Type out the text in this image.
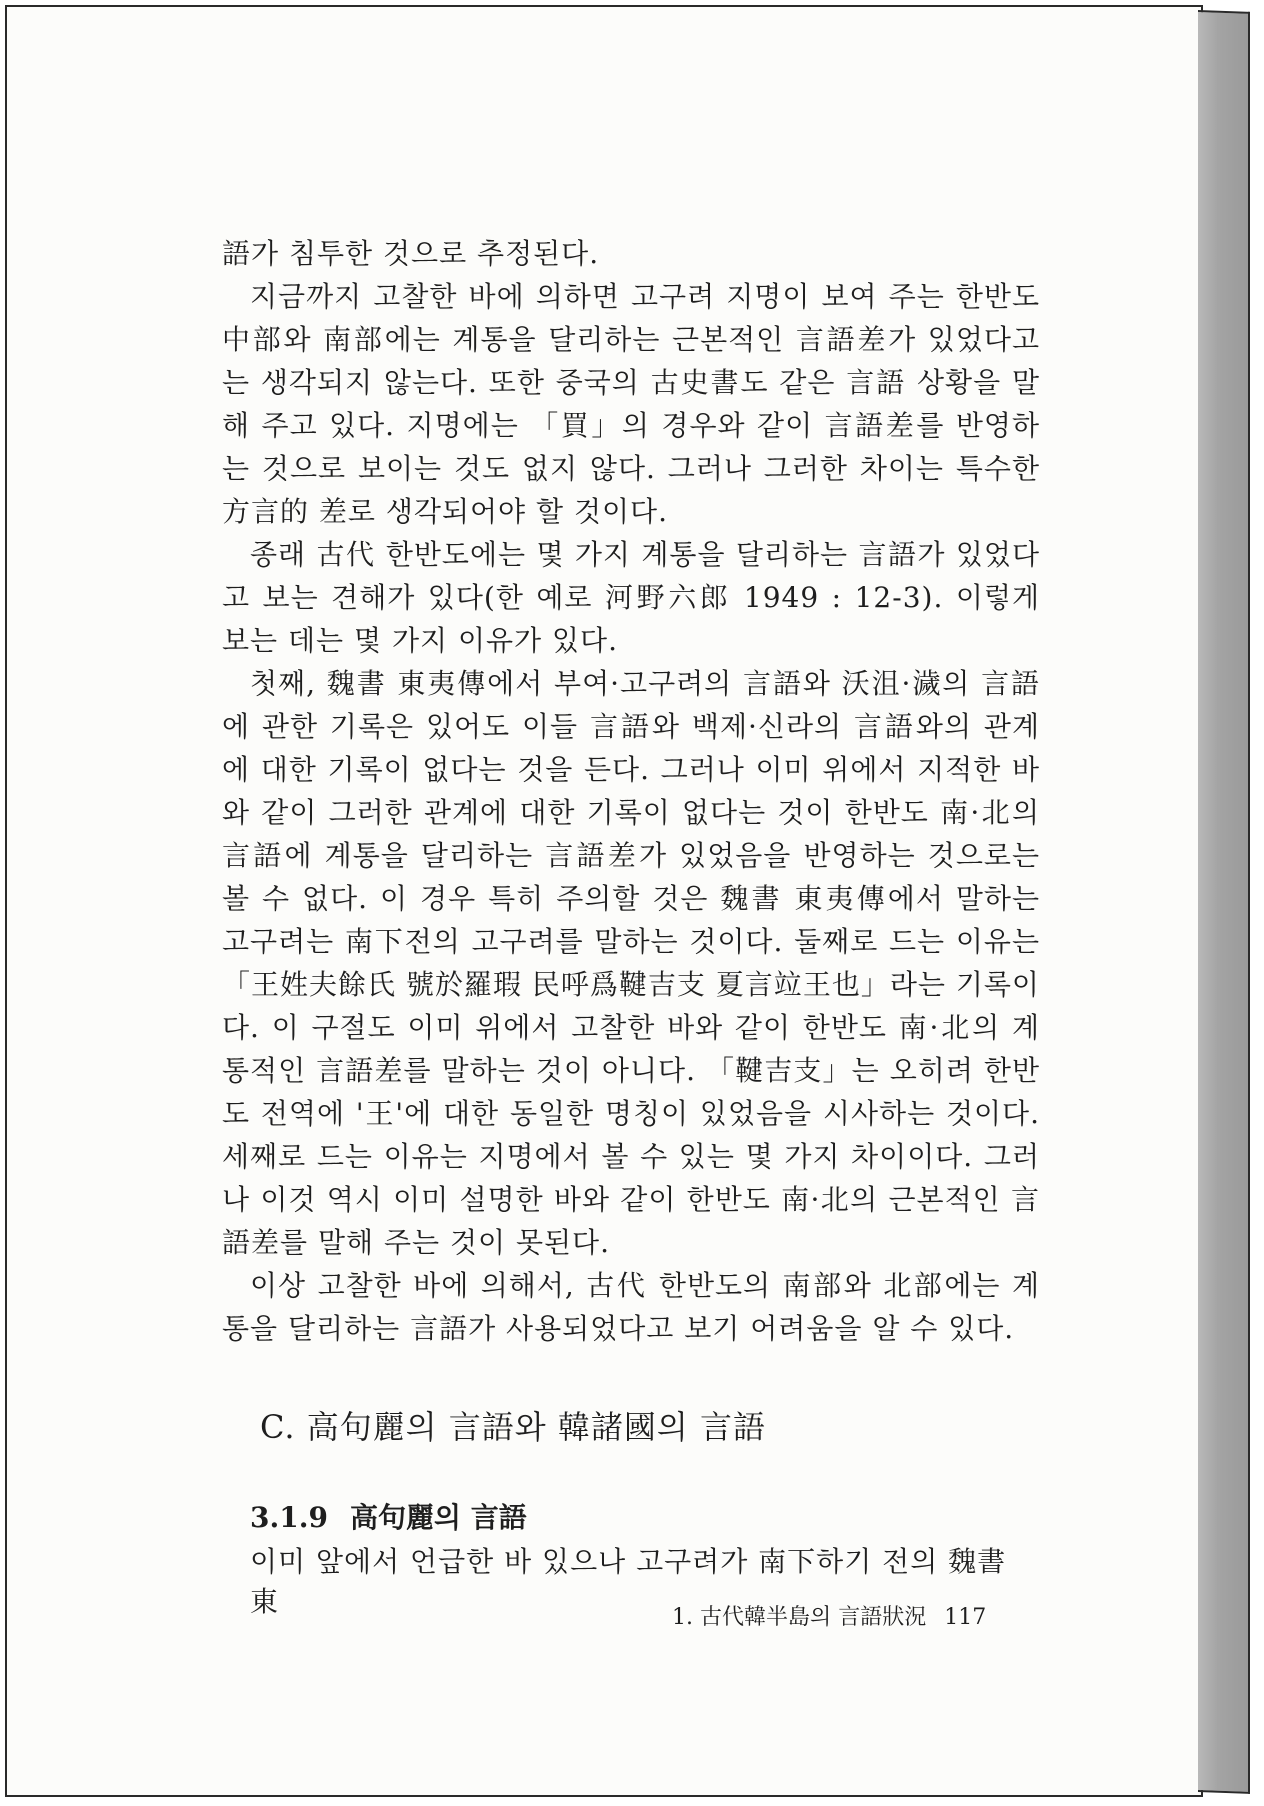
語가 침투한 것으로 추정된다.

지금까지 고찰한 바에 의하면 고구려 지명이 보여 주는 한반도 中部와 南部에는 계통을 달리하는 근본적인 言語差가 있었다고는 생각되지 않는다. 또한 중국의 古史書도 같은 言語 상황을 말해 주고 있다. 지명에는 「買」의 경우와 같이 言語差를 반영하는 것으로 보이는 것도 없지 않다. 그러나 그러한 차이는 특수한 方言的 差로 생각되어야 할 것이다.

종래 古代 한반도에는 몇 가지 계통을 달리하는 言語가 있었다고 보는 견해가 있다(한 예로 河野六郎 1949 : 12-3). 이렇게 보는 데는 몇 가지 이유가 있다.

첫째, 魏書 東夷傳에서 부여·고구려의 言語와 沃沮·濊의 言語에 관한 기록은 있어도 이들 言語와 백제·신라의 言語와의 관계에 대한 기록이 없다는 것을 든다. 그러나 이미 위에서 지적한 바와 같이 그러한 관계에 대한 기록이 없다는 것이 한반도 南·北의 言語에 계통을 달리하는 言語差가 있었음을 반영하는 것으로는 볼 수 없다. 이 경우 특히 주의할 것은 魏書 東夷傳에서 말하는 고구려는 南下전의 고구려를 말하는 것이다. 둘째로 드는 이유는 「王姓夫餘氏 號於羅瑕 民呼爲鞬吉支 夏言竝王也」라는 기록이다. 이 구절도 이미 위에서 고찰한 바와 같이 한반도 南·北의 계통적인 言語差를 말하는 것이 아니다. 「鞬吉支」는 오히려 한반도 전역에 '王'에 대한 동일한 명칭이 있었음을 시사하는 것이다. 세째로 드는 이유는 지명에서 볼 수 있는 몇 가지 차이이다. 그러나 이것 역시 이미 설명한 바와 같이 한반도 南·北의 근본적인 言語差를 말해 주는 것이 못된다.

이상 고찰한 바에 의해서, 古代 한반도의 南部와 北部에는 계통을 달리하는 言語가 사용되었다고 보기 어려움을 알 수 있다.

C. 高句麗의 言語와 韓諸國의 言語
3.1.9 高句麗의 言語
이미 앞에서 언급한 바 있으나 고구려가 南下하기 전의 魏書 東	1. 古代韓半島의 言語狀況 117
